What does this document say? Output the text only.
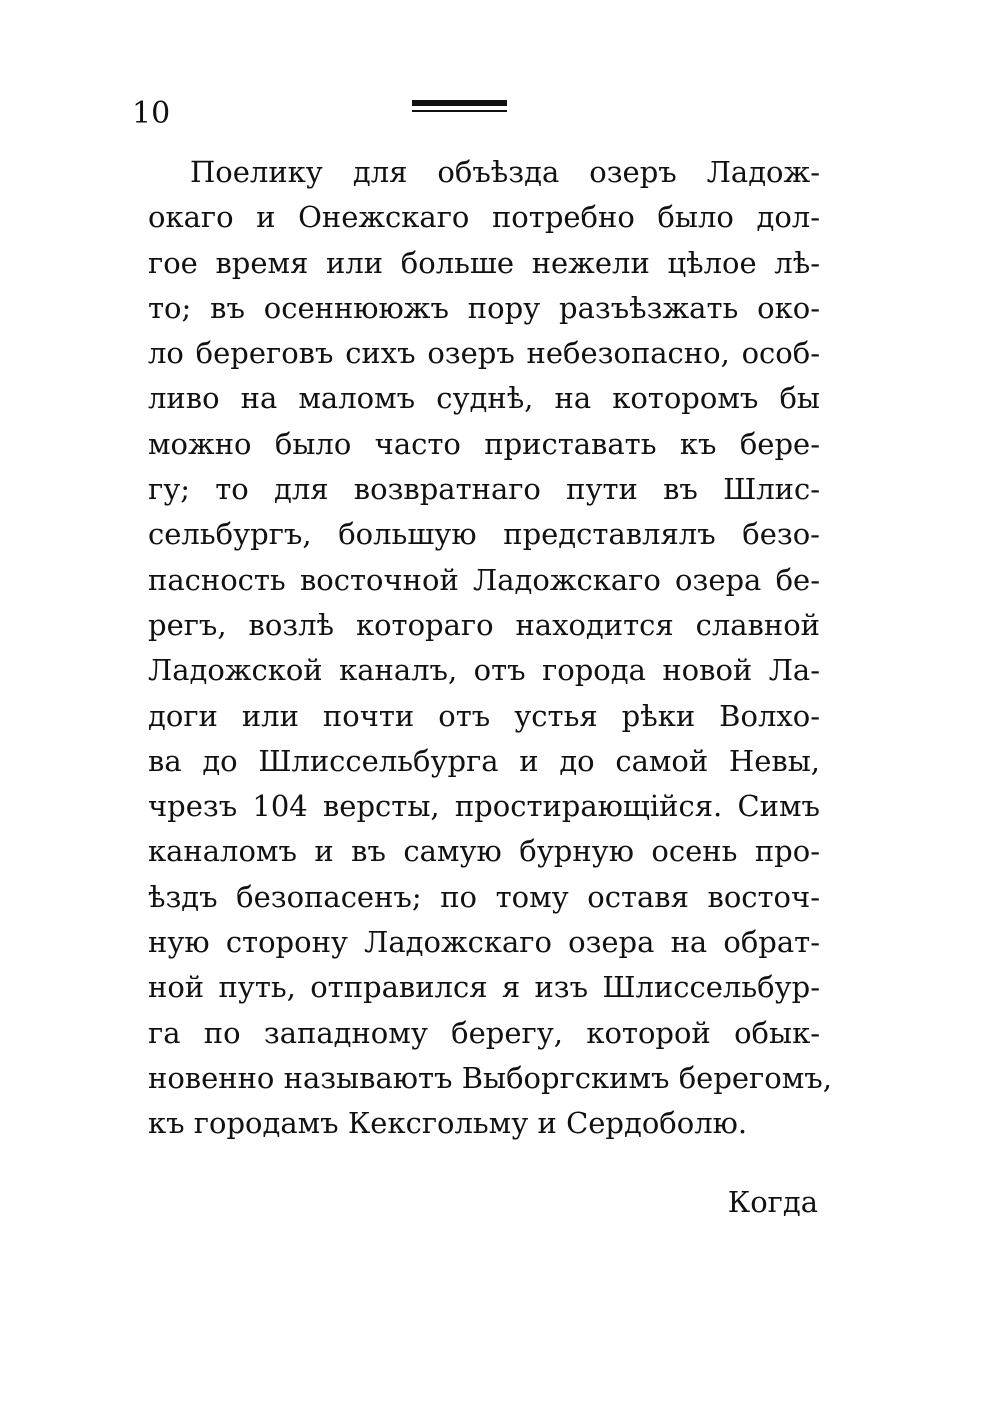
10
Поелику для объѣзда озеръ Ладож-
окаго и Онежскаго потребно было дол-
гое время или больше нежели цѣлое лѣ-
то; въ осеннююжъ пору разъѣзжать око-
ло береговъ сихъ озеръ небезопасно, особ-
ливо на маломъ суднѣ, на которомъ бы
можно было часто приставать къ бере-
гу; то для возвратнаго пути въ Шлис-
сельбургъ, большую представлялъ безо-
пасность восточной Ладожскаго озера бе-
регъ, возлѣ котораго находится славной
Ладожской каналъ, отъ города новой Ла-
доги или почти отъ устья рѣки Волхо-
ва до Шлиссельбурга и до самой Невы,
чрезъ 104 версты, простирающійся. Симъ
каналомъ и въ самую бурную осень про-
ѣздъ безопасенъ; по тому оставя восточ-
ную сторону Ладожскаго озера на обрат-
ной путь, отправился я изъ Шлиссельбур-
га по западному берегу, которой обык-
новенно называютъ Выборгскимъ берегомъ,
къ городамъ Кексгольму и Сердоболю.
Когда
